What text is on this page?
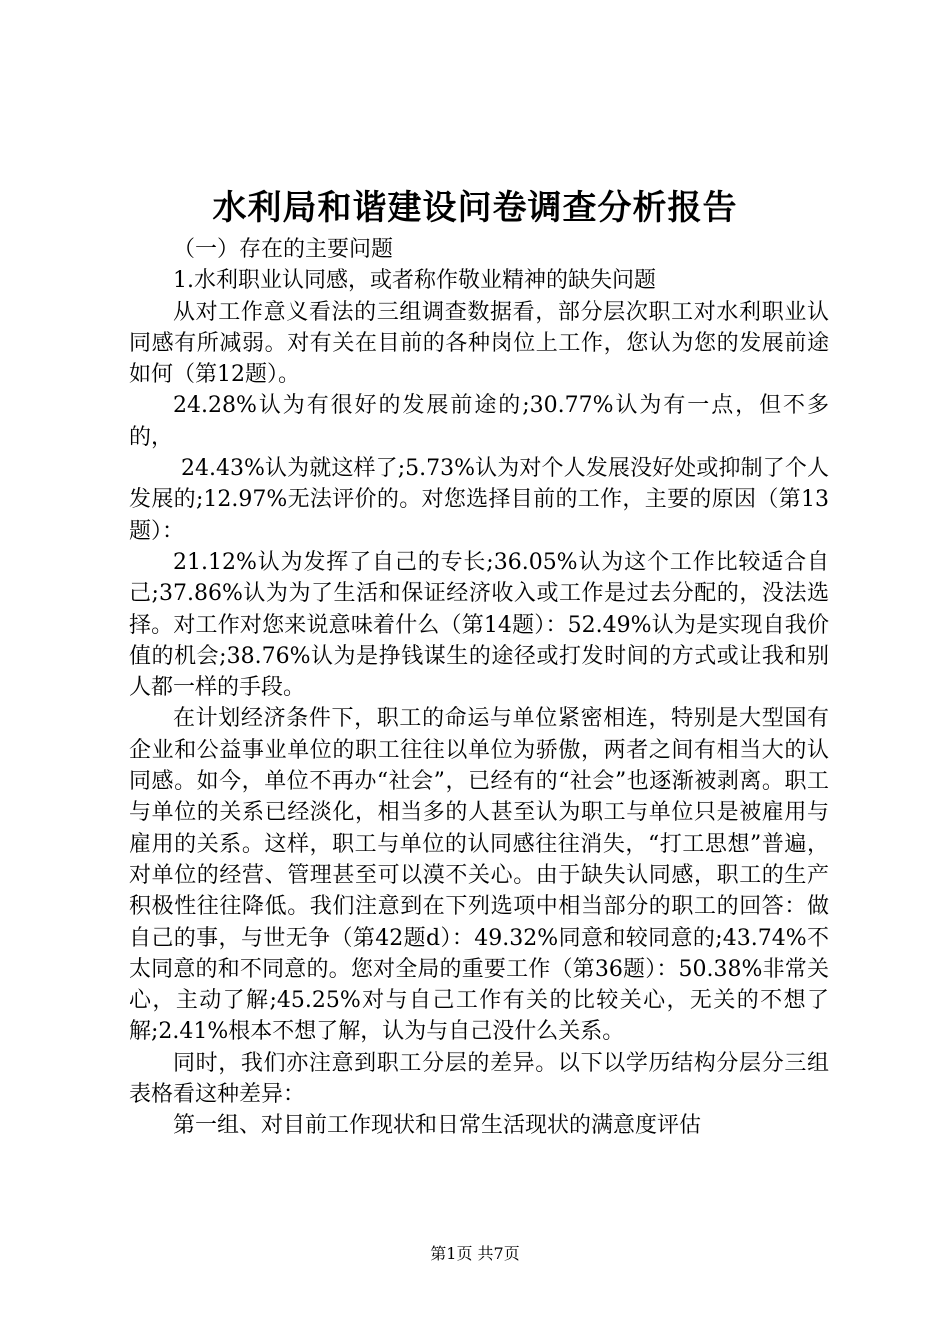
水利局和谐建设问卷调查分析报告

（一）存在的主要问题

1.水利职业认同感，或者称作敬业精神的缺失问题

从对工作意义看法的三组调查数据看，部分层次职工对水利职业认同感有所减弱。对有关在目前的各种岗位上工作，您认为您的发展前途如何（第12题）。

24.28%认为有很好的发展前途的;30.77%认为有一点，但不多的，

24.43%认为就这样了;5.73%认为对个人发展没好处或抑制了个人发展的;12.97%无法评价的。对您选择目前的工作，主要的原因（第13题）：

21.12%认为发挥了自己的专长;36.05%认为这个工作比较适合自己;37.86%认为为了生活和保证经济收入或工作是过去分配的，没法选择。对工作对您来说意味着什么（第14题）：52.49%认为是实现自我价值的机会;38.76%认为是挣钱谋生的途径或打发时间的方式或让我和别人都一样的手段。

在计划经济条件下，职工的命运与单位紧密相连，特别是大型国有企业和公益事业单位的职工往往以单位为骄傲，两者之间有相当大的认同感。如今，单位不再办“社会”，已经有的“社会”也逐渐被剥离。职工与单位的关系已经淡化，相当多的人甚至认为职工与单位只是被雇用与雇用的关系。这样，职工与单位的认同感往往消失，“打工思想”普遍，对单位的经营、管理甚至可以漠不关心。由于缺失认同感，职工的生产积极性往往降低。我们注意到在下列选项中相当部分的职工的回答：做自己的事，与世无争（第42题d）：49.32%同意和较同意的;43.74%不太同意的和不同意的。您对全局的重要工作（第36题）：50.38%非常关心，主动了解;45.25%对与自己工作有关的比较关心，无关的不想了解;2.41%根本不想了解，认为与自己没什么关系。

同时，我们亦注意到职工分层的差异。以下以学历结构分层分三组表格看这种差异：

第一组、对目前工作现状和日常生活现状的满意度评估

第1页 共7页
